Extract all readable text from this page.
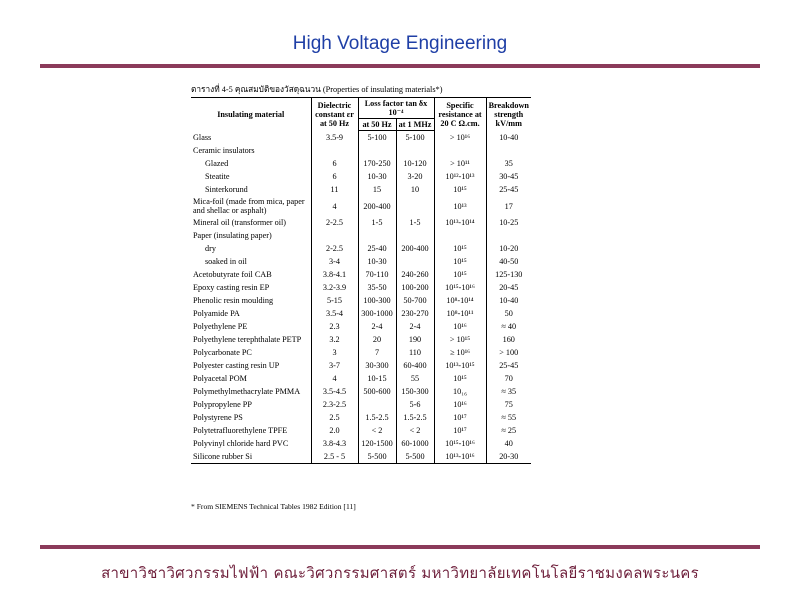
High Voltage Engineering
ตารางที่ 4-5 คุณสมบัติของวัสดุฉนวน (Properties of insulating materials*)
Insulating material	Dielectric constant εr at 50 Hz	Loss factor tan δx 10⁻⁴		Specific resistance at 20 C Ω.cm.	Breakdown strength kV/mm
		at 50 Hz	at 1 MHz		
Glass	3.5-9	5-100	5-100	> 10¹⁶	10-40
Ceramic insulators					
Glazed	6	170-250	10-120	> 10¹¹	35
Steatite	6	10-30	3-20	10¹²-10¹³	30-45
Sinterkorund	11	15	10	10¹⁵	25-45
Mica-foil (made from mica, paper and shellac or asphalt)	4	200-400		10¹³	17
Mineral oil (transformer oil)	2-2.5	1-5	1-5	10¹³-10¹⁴	10-25
Paper (insulating paper)					
dry	2-2.5	25-40	200-400	10¹⁵	10-20
soaked in oil	3-4	10-30		10¹⁵	40-50
Acetobutyrate foil CAB	3.8-4.1	70-110	240-260	10¹⁵	125-130
Epoxy casting resin EP	3.2-3.9	35-50	100-200	10¹⁵-10¹⁶	20-45
Phenolic resin moulding	5-15	100-300	50-700	10⁸-10¹⁴	10-40
Polyamide PA	3.5-4	300-1000	230-270	10⁸-10¹¹	50
Polyethylene PE	2.3	2-4	2-4	10¹⁶	≈ 40
Polyethylene terephthalate PETP	3.2	20	190	> 10¹⁵	160
Polycarbonate PC	3	7	110	≥ 10¹⁶	> 100
Polyester casting resin UP	3-7	30-300	60-400	10¹³-10¹⁵	25-45
Polyacetal POM	4	10-15	55	10¹⁵	70
Polymethylmethacrylate PMMA	3.5-4.5	500-600	150-300	10₁₆	≈ 35
Polypropylene PP	2.3-2.5		5-6	10¹⁶	75
Polystyrene PS	2.5	1.5-2.5	1.5-2.5	10¹⁷	≈ 55
Polytetrafluorethylene TPFE	2.0	< 2	< 2	10¹⁷	≈ 25
Polyvinyl chloride hard PVC	3.8-4.3	120-1500	60-1000	10¹⁵-10¹⁶	40
Silicone rubber Si	2.5 - 5	5-500	5-500	10¹³-10¹⁶	20-30
* From SIEMENS Technical Tables 1982 Edition [11]
สาขาวิชาวิศวกรรมไฟฟ้า คณะวิศวกรรมศาสตร์ มหาวิทยาลัยเทคโนโลยีราชมงคลพระนคร
